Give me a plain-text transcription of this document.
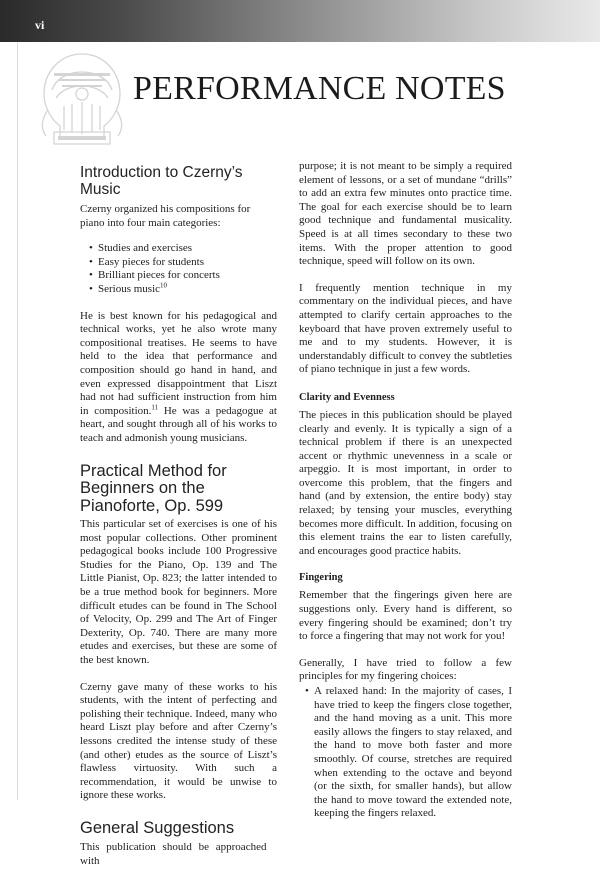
vi
PERFORMANCE NOTES
Introduction to Czerny’s Music

Czerny organized his compositions for piano into four main categories:

• Studies and exercises
• Easy pieces for students
• Brilliant pieces for concerts
• Serious music$^{10}$

He is best known for his pedagogical and technical works, yet he also wrote many compositional treatises. He seems to have held to the idea that performance and composition should go hand in hand, and even expressed disappointment that Liszt had not had sufficient instruction from him in composition.$^{11}$ He was a pedagogue at heart, and sought through all of his works to teach and admonish young musicians.

Practical Method for Beginners on the Pianoforte, Op. 599

This particular set of exercises is one of his most popular collections. Other prominent pedagogical books include 100 Progressive Studies for the Piano, Op. 139 and The Little Pianist, Op. 823; the latter intended to be a true method book for beginners. More difficult etudes can be found in The School of Velocity, Op. 299 and The Art of Finger Dexterity, Op. 740. There are many more etudes and exercises, but these are some of the best known.

Czerny gave many of these works to his students, with the intent of perfecting and polishing their technique. Indeed, many who heard Liszt play before and after Czerny’s lessons credited the intense study of these (and other) etudes as the source of Liszt’s flawless virtuosity. With such a recommendation, it would be unwise to ignore these works.

General Suggestions

This publication should be approached with

purpose; it is not meant to be simply a required element of lessons, or a set of mundane “drills” to add an extra few minutes onto practice time. The goal for each exercise should be to learn good technique and fundamental musicality. Speed is at all times secondary to these two items. With the proper attention to good technique, speed will follow on its own.

I frequently mention technique in my commentary on the individual pieces, and have attempted to clarify certain approaches to the keyboard that have proven extremely useful to me and to my students. However, it is understandably difficult to convey the subtleties of piano technique in just a few words.

Clarity and Evenness

The pieces in this publication should be played clearly and evenly. It is typically a sign of a technical problem if there is an unexpected accent or rhythmic unevenness in a scale or arpeggio. It is most important, in order to overcome this problem, that the fingers and hand (and by extension, the entire body) stay relaxed; by tensing your muscles, everything becomes more difficult. In addition, focusing on this element trains the ear to listen carefully, and encourages good practice habits.

Fingering

Remember that the fingerings given here are suggestions only. Every hand is different, so every fingering should be examined; don’t try to force a fingering that may not work for you!

Generally, I have tried to follow a few principles for my fingering choices:

• A relaxed hand: In the majority of cases, I have tried to keep the fingers close together, and the hand moving as a unit. This more easily allows the fingers to stay relaxed, and the hand to move both faster and more smoothly. Of course, stretches are required when extending to the octave and beyond (or the sixth, for smaller hands), but allow the hand to move toward the extended note, keeping the fingers relaxed.
